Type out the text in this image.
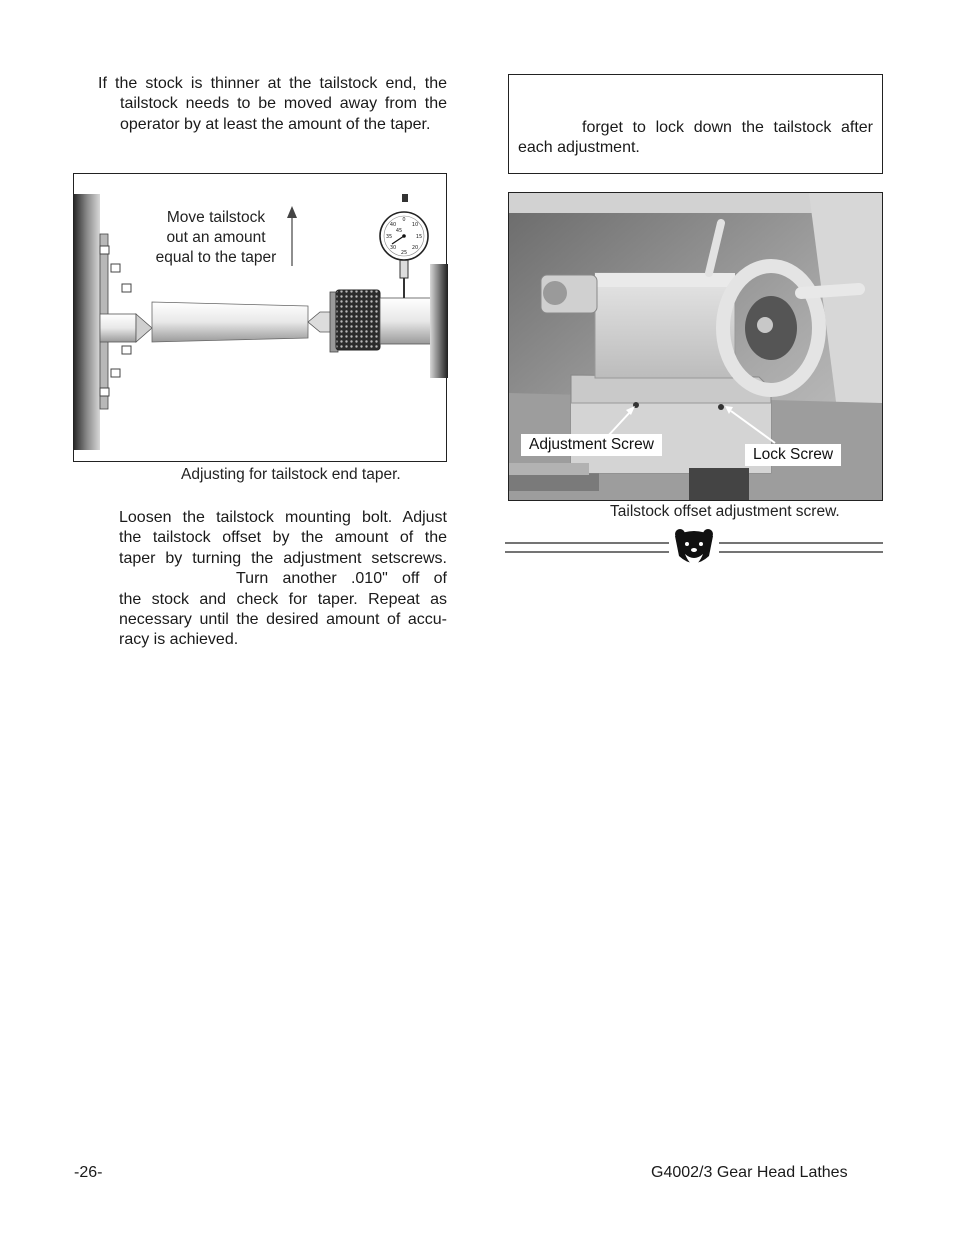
If the stock is thinner at the tailstock end, the

tailstock needs to be moved away from the operator by at least the amount of the taper.

0
10
15
20
25
30
35
40
45
Move tailstock
out an amount
equal to the taper
Adjusting for tailstock end taper.

Loosen the tailstock mounting bolt. Adjust

the tailstock offset by the amount of the

taper by turning the adjustment setscrews.

Turn another .010" off of

the stock and check for taper. Repeat as

necessary until the desired amount of accu-

racy is achieved.

forget to lock down the tailstock after

each adjustment.

Adjustment Screw
Lock Screw
Tailstock offset adjustment screw.
-26-	G4002/3 Gear Head Lathes
